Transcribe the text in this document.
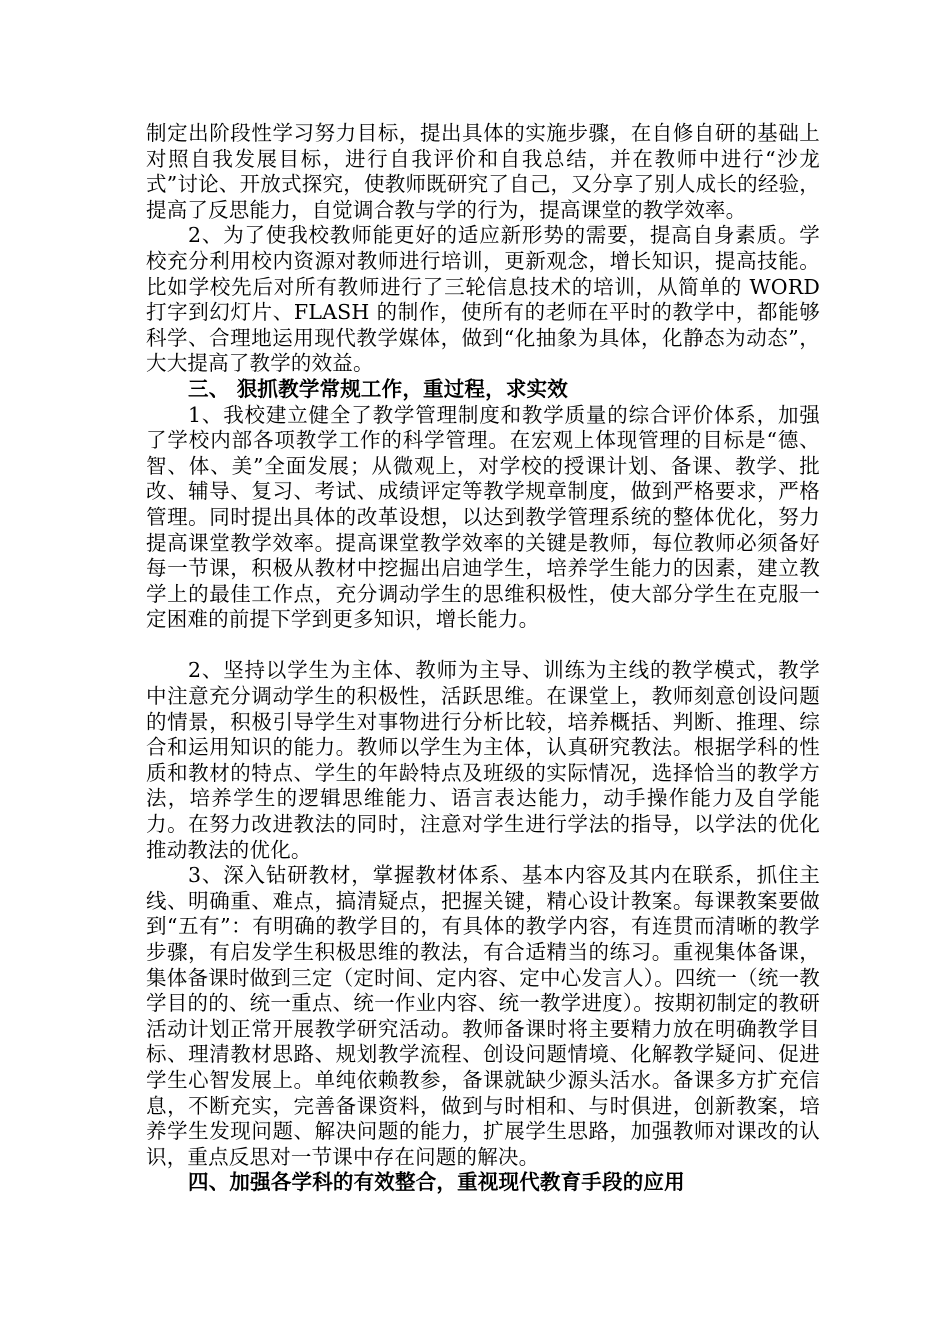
制定出阶段性学习努力目标，提出具体的实施步骤，在自修自研的基础上对照自我发展目标，进行自我评价和自我总结，并在教师中进行“沙龙式”讨论、开放式探究，使教师既研究了自己，又分享了别人成长的经验，提高了反思能力，自觉调合教与学的行为，提高课堂的教学效率。

2、为了使我校教师能更好的适应新形势的需要，提高自身素质。学校充分利用校内资源对教师进行培训，更新观念，增长知识，提高技能。比如学校先后对所有教师进行了三轮信息技术的培训，从简单的 WORD 打字到幻灯片、FLASH 的制作，使所有的老师在平时的教学中，都能够科学、合理地运用现代教学媒体，做到“化抽象为具体，化静态为动态”，大大提高了教学的效益。

三、 狠抓教学常规工作，重过程，求实效

1、我校建立健全了教学管理制度和教学质量的综合评价体系，加强了学校内部各项教学工作的科学管理。在宏观上体现管理的目标是“德、智、体、美”全面发展；从微观上，对学校的授课计划、备课、教学、批改、辅导、复习、考试、成绩评定等教学规章制度，做到严格要求，严格管理。同时提出具体的改革设想，以达到教学管理系统的整体优化，努力提高课堂教学效率。提高课堂教学效率的关键是教师，每位教师必须备好每一节课，积极从教材中挖掘出启迪学生，培养学生能力的因素，建立教学上的最佳工作点，充分调动学生的思维积极性，使大部分学生在克服一定困难的前提下学到更多知识，增长能力。

2、坚持以学生为主体、教师为主导、训练为主线的教学模式，教学中注意充分调动学生的积极性，活跃思维。在课堂上，教师刻意创设问题的情景，积极引导学生对事物进行分析比较，培养概括、判断、推理、综合和运用知识的能力。教师以学生为主体，认真研究教法。根据学科的性质和教材的特点、学生的年龄特点及班级的实际情况，选择恰当的教学方法，培养学生的逻辑思维能力、语言表达能力，动手操作能力及自学能力。在努力改进教法的同时，注意对学生进行学法的指导，以学法的优化推动教法的优化。

3、深入钻研教材，掌握教材体系、基本内容及其内在联系，抓住主线、明确重、难点，搞清疑点，把握关键，精心设计教案。每课教案要做到“五有”：有明确的教学目的，有具体的教学内容，有连贯而清晰的教学步骤，有启发学生积极思维的教法，有合适精当的练习。重视集体备课，集体备课时做到三定（定时间、定内容、定中心发言人）。四统一（统一教学目的的、统一重点、统一作业内容、统一教学进度）。按期初制定的教研活动计划正常开展教学研究活动。教师备课时将主要精力放在明确教学目标、理清教材思路、规划教学流程、创设问题情境、化解教学疑问、促进学生心智发展上。单纯依赖教参，备课就缺少源头活水。备课多方扩充信息，不断充实，完善备课资料，做到与时相和、与时俱进，创新教案，培养学生发现问题、解决问题的能力，扩展学生思路，加强教师对课改的认识，重点反思对一节课中存在问题的解决。

四、加强各学科的有效整合，重视现代教育手段的应用
